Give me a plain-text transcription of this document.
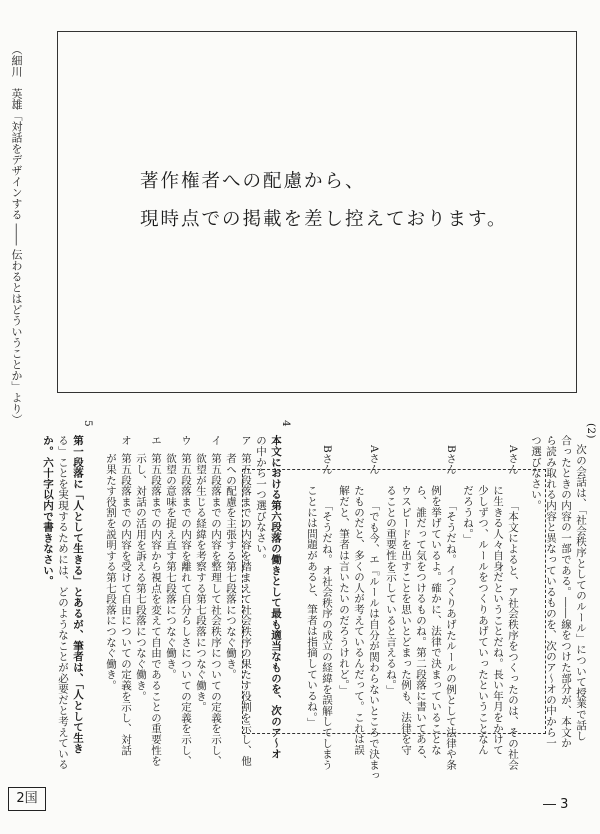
著作権者への配慮から、
現時点での掲載を差し控えております。
（細川　英雄「対話をデザインする ―― 伝わるとはどういうことか」より）
(2)
次の会話は、「社会秩序としてのルール」について授業で話し
合ったときの内容の一部である。――線をつけた部分が、本文か
ら読み取れる内容と異なっているものを、次のア～オの中から一
つ選びなさい。
Aさん
「本文によると、ア社会秩序をつくったのは、その社会
に生きる人々自身だということだね。長い年月をかけて
少しずつ、ルールをつくりあげていったということなん
だろうね。」
Bさん
「そうだね。イつくりあげたルールの例として法律や条
例を挙げているよ。確かに、法律で決まっていることな
ら、誰だって気をつけるものね。第二段落に書いてある、
ウスピードを出すことを思いとどまった例も、法律を守
ることの重要性を示していると言えるね。」
Aさん
「でも今、エ『ルールは自分が関わらないところで決まっ
たものだと、多くの人が考えているんだって。これは誤
解だと、筆者は言いたいのだろうけれど。」
Bさん
「そうだね。オ社会秩序の成立の経緯を誤解してしまう
ことには問題があると、筆者は指摘しているね。」
4
本文における第六段落の働きとして最も適当なものを、次のア～オ
の中から一つ選びなさい。
ア
第五段落までの内容を踏まえて社会秩序の果たす役割を示し、他
者への配慮を主張する第七段落につなぐ働き。
イ
第五段落までの内容を整理して社会秩序についての定義を示し、
欲望が生じる経緯を考察する第七段落につなぐ働き。
ウ
第五段落までの内容を離れて自分らしさについての定義を示し、
欲望の意味を捉え直す第七段落につなぐ働き。
エ
第五段落までの内容から視点を変えて自由であることの重要性を
示し、対話の活用を訴える第七段落につなぐ働き。
オ
第五段落までの内容を受けて自由についての定義を示し、対話
が果たす役割を説明する第七段落につなぐ働き。
5
第一段落に「人として生きる」とあるが、筆者は、「人として生き
る」ことを実現するためには、どのようなことが必要だと考えている
か。六十字以内で書きなさい。
2国	― 3
